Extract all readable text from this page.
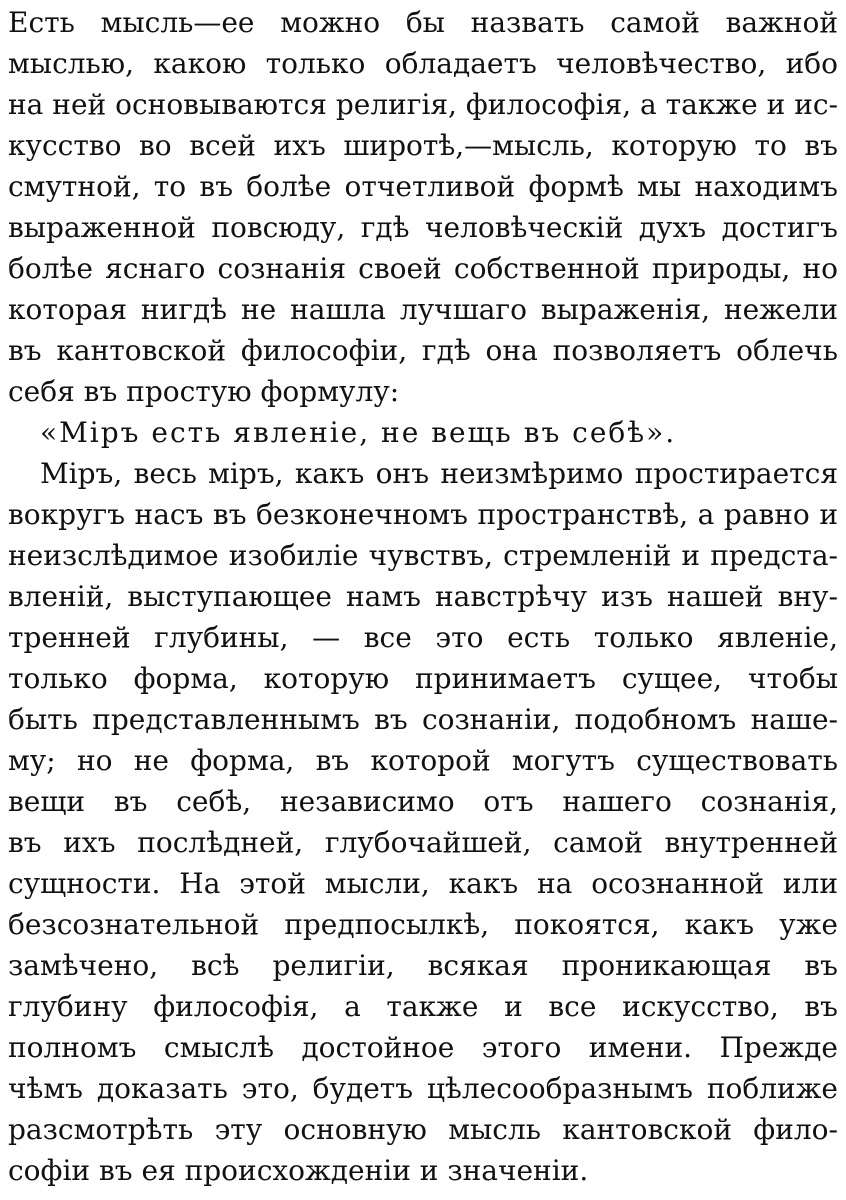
Есть мысль—ее можно бы назвать самой важной
мыслью, какою только обладаетъ человѣчество, ибо
на ней основываются религія, философія, а также и ис-
кусство во всей ихъ широтѣ,—мысль, которую то въ
смутной, то въ болѣе отчетливой формѣ мы находимъ
выраженной повсюду, гдѣ человѣческій духъ достигъ
болѣе яснаго сознанія своей собственной природы, но
которая нигдѣ не нашла лучшаго выраженія, нежели
въ кантовской философіи, гдѣ она позволяетъ облечь
себя въ простую формулу:
«Міръ есть явленіе, не вещь въ себѣ».
Міръ, весь міръ, какъ онъ неизмѣримо простирается
вокругъ насъ въ безконечномъ пространствѣ, а равно и
неизслѣдимое изобиліе чувствъ, стремленій и предста-
вленій, выступающее намъ навстрѣчу изъ нашей вну-
тренней глубины, — все это есть только явленіе,
только форма, которую принимаетъ сущее, чтобы
быть представленнымъ въ сознаніи, подобномъ наше-
му; но не форма, въ которой могутъ существовать
вещи въ себѣ, независимо отъ нашего сознанія,
въ ихъ послѣдней, глубочайшей, самой внутренней
сущности. На этой мысли, какъ на осознанной или
безсознательной предпосылкѣ, покоятся, какъ уже
замѣчено, всѣ религіи, всякая проникающая въ
глубину философія, а также и все искусство, въ
полномъ смыслѣ достойное этого имени. Прежде
чѣмъ доказать это, будетъ цѣлесообразнымъ поближе
разсмотрѣть эту основную мысль кантовской фило-
софіи въ ея происхожденіи и значеніи.
